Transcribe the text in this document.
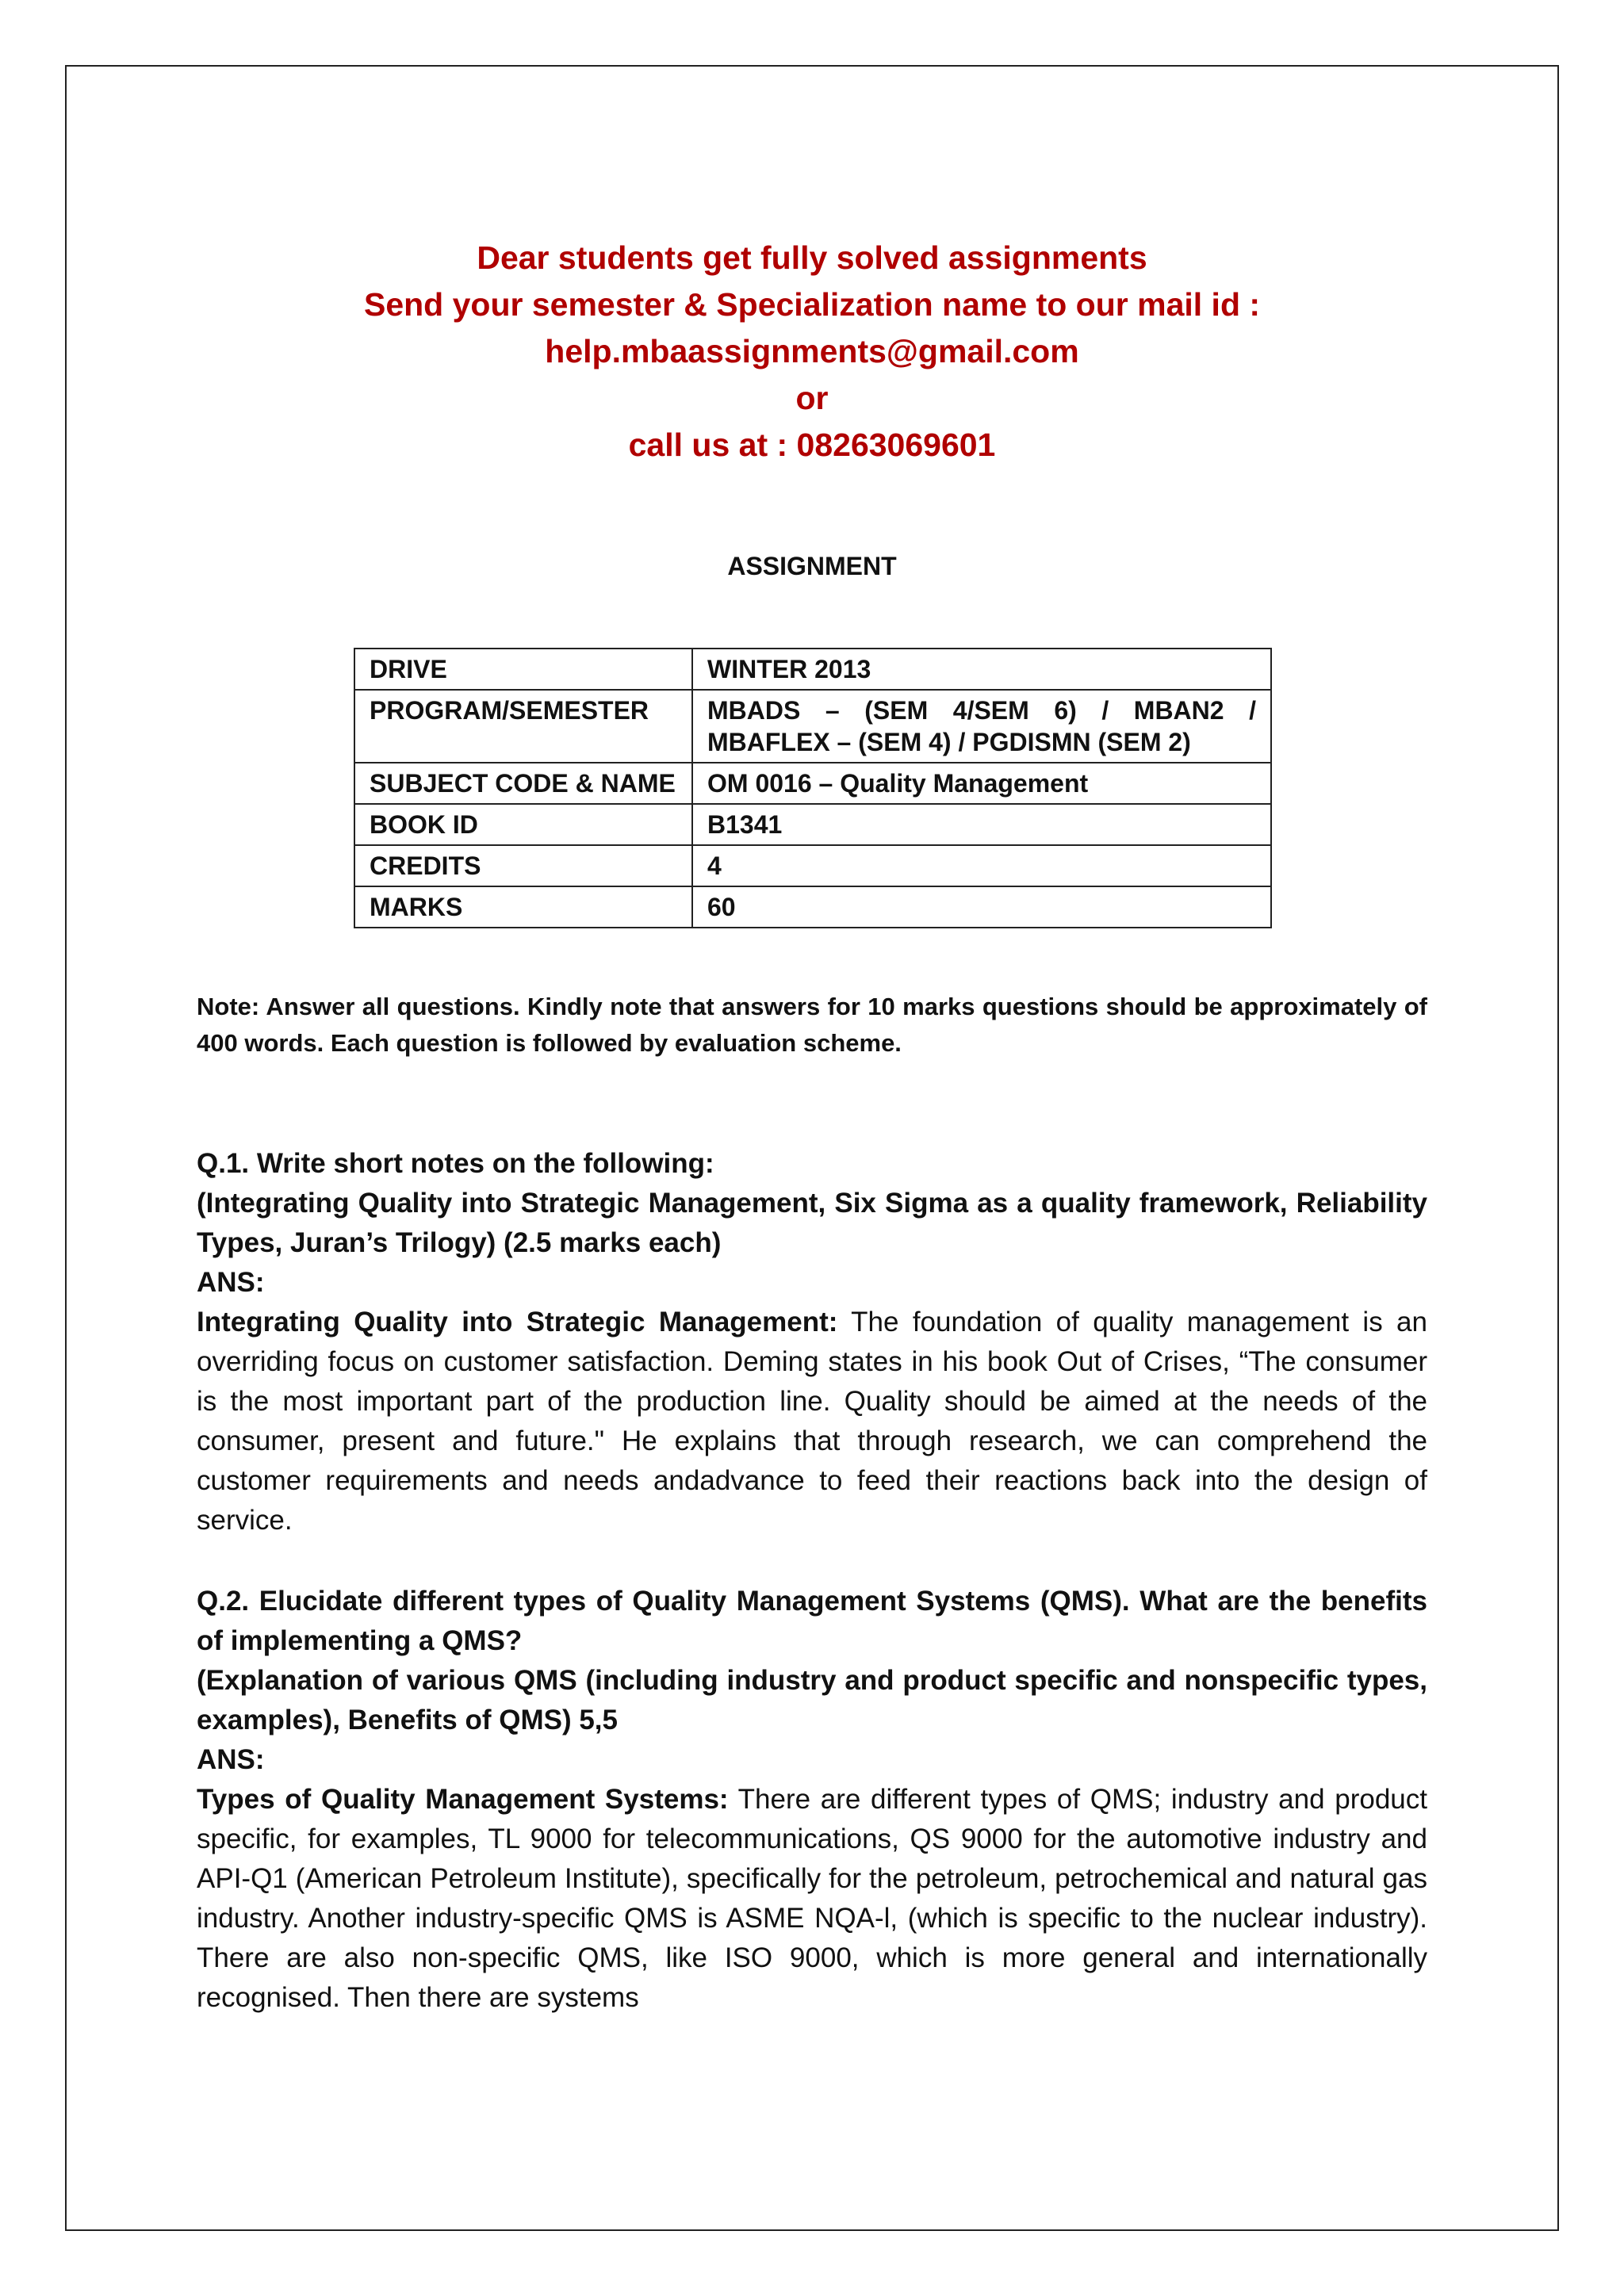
Dear students get fully solved assignments
Send your semester & Specialization name to our mail id :
help.mbaassignments@gmail.com
or
call us at : 08263069601
ASSIGNMENT
DRIVE	WINTER 2013
PROGRAM/SEMESTER	MBADS – (SEM 4/SEM 6) / MBAN2 / MBAFLEX – (SEM 4) / PGDISMN (SEM 2)
SUBJECT CODE & NAME	OM 0016 – Quality Management
BOOK ID	B1341
CREDITS	4
MARKS	60
Note: Answer all questions. Kindly note that answers for 10 marks questions should be approximately of 400 words. Each question is followed by evaluation scheme.

Q.1. Write short notes on the following:

(Integrating Quality into Strategic Management, Six Sigma as a quality framework, Reliability Types, Juran’s Trilogy) (2.5 marks each)

ANS:

Integrating Quality into Strategic Management: The foundation of quality management is an overriding focus on customer satisfaction. Deming states in his book Out of Crises, “The consumer is the most important part of the production line. Quality should be aimed at the needs of the consumer, present and future." He explains that through research, we can comprehend the customer requirements and needs andadvance to feed their reactions back into the design of service.

Q.2. Elucidate different types of Quality Management Systems (QMS). What are the benefits of implementing a QMS?

(Explanation of various QMS (including industry and product specific and nonspecific types, examples), Benefits of QMS) 5,5

ANS:

Types of Quality Management Systems: There are different types of QMS; industry and product specific, for examples, TL 9000 for telecommunications, QS 9000 for the automotive industry and API-Q1 (American Petroleum Institute), specifically for the petroleum, petrochemical and natural gas industry. Another industry-specific QMS is ASME NQA-l, (which is specific to the nuclear industry). There are also non-specific QMS, like ISO 9000, which is more general and internationally recognised. Then there are systems
